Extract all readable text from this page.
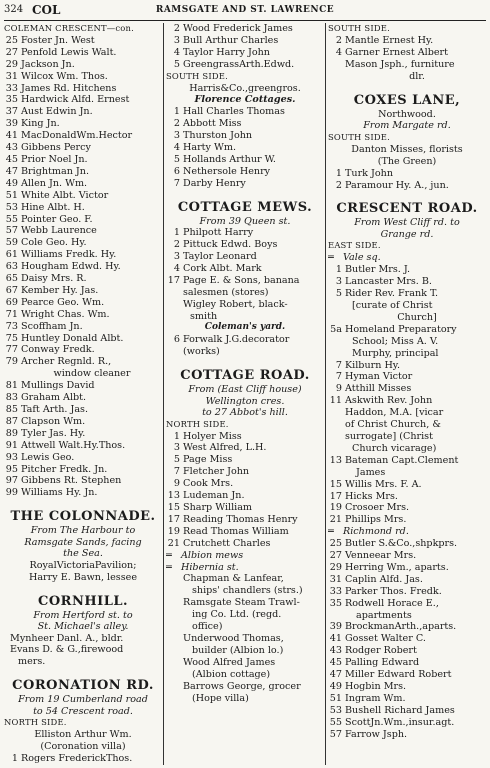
324 COL	RAMSGATE AND ST. LAWRENCE
COLEMAN CRESCENT—con.
25 Foster Jn. West
27 Penfold Lewis Walt.
29 Jackson Jn.
31 Wilcox Wm. Thos.
33 James Rd. Hitchens
35 Hardwick Alfd. Ernest
37 Aust Edwin Jn.
39 King Jn.
41 MacDonaldWm.Hector
43 Gibbens Percy
45 Prior Noel Jn.
47 Brightman Jn.
49 Allen Jn. Wm.
51 White Albt. Victor
53 Hine Albt. H.
55 Pointer Geo. F.
57 Webb Laurence
59 Cole Geo. Hy.
61 Williams Fredk. Hy.
63 Hougham Edwd. Hy.
65 Daisy Mrs. R.
67 Kember Hy. Jas.
69 Pearce Geo. Wm.
71 Wright Chas. Wm.
73 Scoffham Jn.
75 Huntley Donald Albt.
77 Conway Fredk.
79 Archer Regnld. R.,
window cleaner
81 Mullings David
83 Graham Albt.
85 Taft Arth. Jas.
87 Clapson Wm.
89 Tyler Jas. Hy.
91 Attwell Walt.Hy.Thos.
93 Lewis Geo.
95 Pitcher Fredk. Jn.
97 Gibbens Rt. Stephen
99 Williams Hy. Jn.
THE COLONNADE.
From The Harbour to
Ramsgate Sands, facing
the Sea.
RoyalVictoriaPavilion;
Harry E. Bawn, lessee
CORNHILL.
From Hertford st. to
St. Michael's alley.
Mynheer Danl. A., bldr.
Evans D. & G.,firewood
mers.
CORONATION RD.
From 19 Cumberland road
to 54 Crescent road.
NORTH SIDE.
Elliston Arthur Wm.
(Coronation villa)
1 Rogers FrederickThos.
2 Wood Frederick James
3 Bull Arthur Charles
4 Taylor Harry John
5 GreengrassArth.Edwd.
SOUTH SIDE.
Harris&Co.,greengros.
Florence Cottages.
1 Hall Charles Thomas
2 Abbott Miss
3 Thurston John
4 Harty Wm.
5 Hollands Arthur W.
6 Nethersole Henry
7 Darby Henry
COTTAGE MEWS.
From 39 Queen st.
1 Philpott Harry
2 Pittuck Edwd. Boys
3 Taylor Leonard
4 Cork Albt. Mark
17 Page E. & Sons, banana
salesmen (stores)
Wigley Robert, black-
smith
Coleman's yard.
6 Forwalk J.G.decorator
(works)
COTTAGE ROAD.
From (East Cliff house)
Wellington cres.
to 27 Abbot's hill.
NORTH SIDE.
1 Holyer Miss
3 West Alfred, L.H.
5 Page Miss
7 Fletcher John
9 Cook Mrs.
13 Ludeman Jn.
15 Sharp William
17 Reading Thomas Henry
19 Read Thomas William
21 Crutchett Charles
═ Albion mews
═ Hibernia st.
Chapman & Lanfear,
ships' chandlers (strs.)
Ramsgate Steam Trawl-
ing Co. Ltd. (regd.
office)
Underwood Thomas,
builder (Albion lo.)
Wood Alfred James
(Albion cottage)
Barrows George, grocer
(Hope villa)
SOUTH SIDE.
2 Mantle Ernest Hy.
4 Garner Ernest Albert
Mason Jsph., furniture
dlr.
COXES LANE,
Northwood.
From Margate rd.
SOUTH SIDE.
Danton Misses, florists
(The Green)
1 Turk John
2 Paramour Hy. A., jun.
CRESCENT ROAD.
From West Cliff rd. to
Grange rd.
EAST SIDE.
═ Vale sq.
1 Butler Mrs. J.
3 Lancaster Mrs. B.
5 Rider Rev. Frank T.
[curate of Christ
Church]
5a Homeland Preparatory
School; Miss A. V.
Murphy, principal
7 Kilburn Hy.
7 Hyman Victor
9 Atthill Misses
11 Askwith Rev. John
Haddon, M.A. [vicar
of Christ Church, &
surrogate] (Christ
Church vicarage)
13 Bateman Capt.Clement
James
15 Willis Mrs. F. A.
17 Hicks Mrs.
19 Crosoer Mrs.
21 Phillips Mrs.
═ Richmond rd.
25 Butler S.&Co.,shpkprs.
27 Venneear Mrs.
29 Herring Wm., aparts.
31 Caplin Alfd. Jas.
33 Parker Thos. Fredk.
35 Rodwell Horace E.,
apartments
39 BrockmanArth.,aparts.
41 Gosset Walter C.
43 Rodger Robert
45 Palling Edward
47 Miller Edward Robert
49 Hogbin Mrs.
51 Ingram Wm.
53 Bushell Richard James
55 ScottJn.Wm.,insur.agt.
57 Farrow Jsph.
